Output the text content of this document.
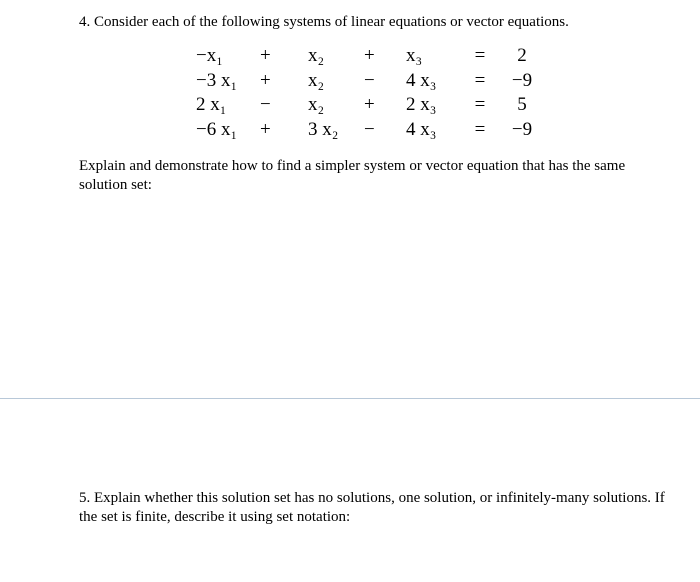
4. Consider each of the following systems of linear equations or vector equations.
−x₁	+	x₂	+	x₃	=	2
−3 x₁	+	x₂	−	4 x₃	=	−9
2 x₁	−	x₂	+	2 x₃	=	5
−6 x₁	+	3 x₂	−	4 x₃	=	−9
Explain and demonstrate how to find a simpler system or vector equation that has the same solution set:
5. Explain whether this solution set has no solutions, one solution, or infinitely-many solutions. If the set is finite, describe it using set notation:
